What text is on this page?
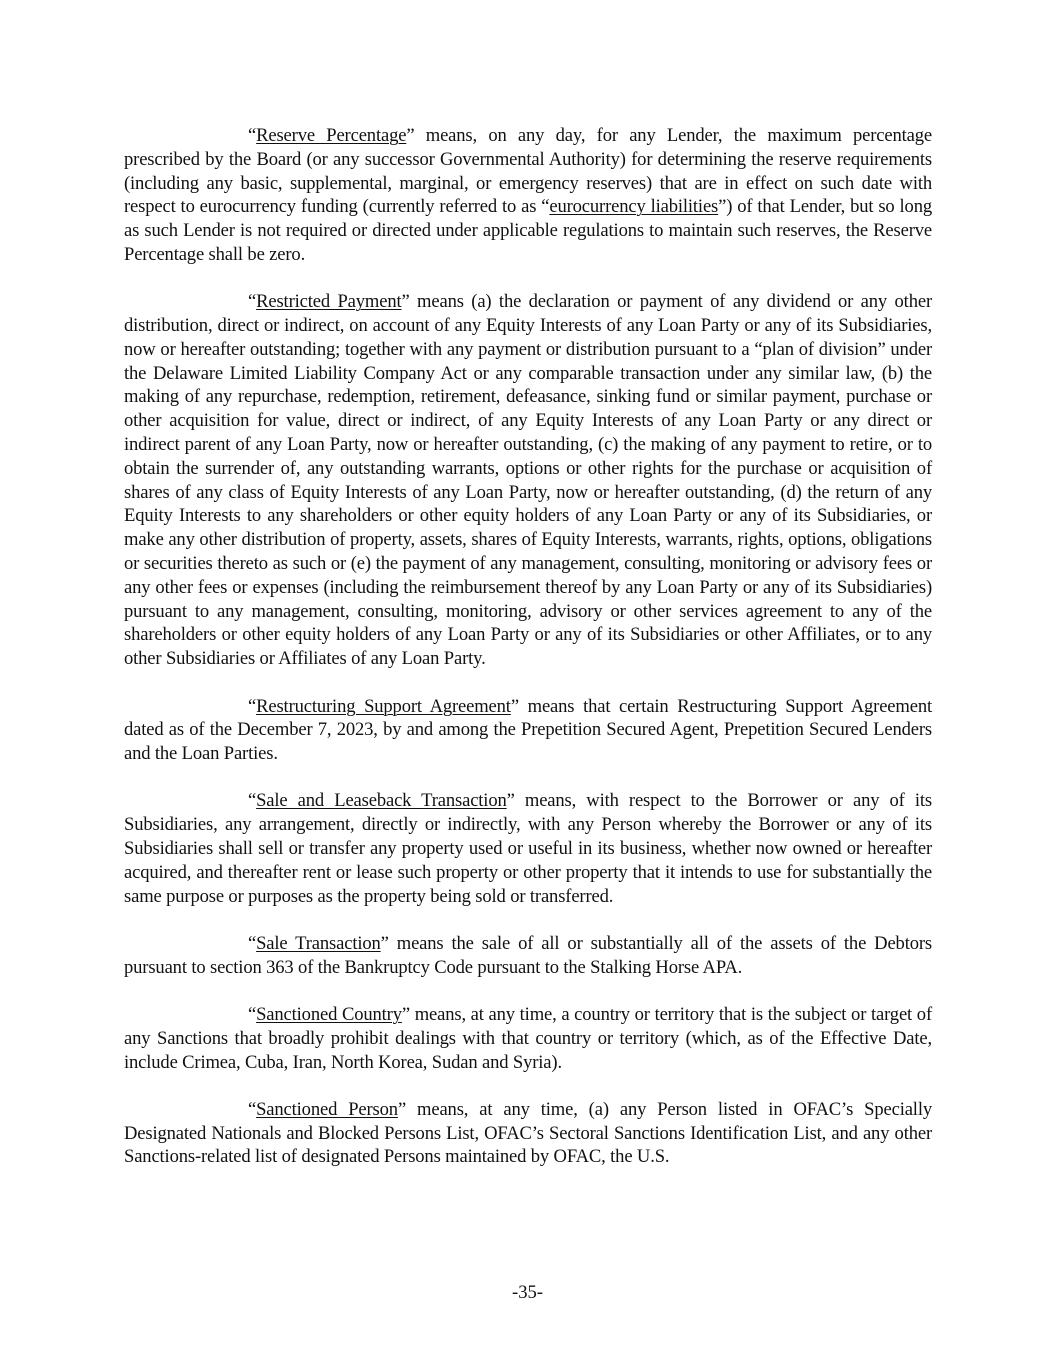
“Reserve Percentage” means, on any day, for any Lender, the maximum percentage prescribed by the Board (or any successor Governmental Authority) for determining the reserve requirements (including any basic, supplemental, marginal, or emergency reserves) that are in effect on such date with respect to eurocurrency funding (currently referred to as “eurocurrency liabilities”) of that Lender, but so long as such Lender is not required or directed under applicable regulations to maintain such reserves, the Reserve Percentage shall be zero.

“Restricted Payment” means (a) the declaration or payment of any dividend or any other distribution, direct or indirect, on account of any Equity Interests of any Loan Party or any of its Subsidiaries, now or hereafter outstanding; together with any payment or distribution pursuant to a “plan of division” under the Delaware Limited Liability Company Act or any comparable transaction under any similar law, (b) the making of any repurchase, redemption, retirement, defeasance, sinking fund or similar payment, purchase or other acquisition for value, direct or indirect, of any Equity Interests of any Loan Party or any direct or indirect parent of any Loan Party, now or hereafter outstanding, (c) the making of any payment to retire, or to obtain the surrender of, any outstanding warrants, options or other rights for the purchase or acquisition of shares of any class of Equity Interests of any Loan Party, now or hereafter outstanding, (d) the return of any Equity Interests to any shareholders or other equity holders of any Loan Party or any of its Subsidiaries, or make any other distribution of property, assets, shares of Equity Interests, warrants, rights, options, obligations or securities thereto as such or (e) the payment of any management, consulting, monitoring or advisory fees or any other fees or expenses (including the reimbursement thereof by any Loan Party or any of its Subsidiaries) pursuant to any management, consulting, monitoring, advisory or other services agreement to any of the shareholders or other equity holders of any Loan Party or any of its Subsidiaries or other Affiliates, or to any other Subsidiaries or Affiliates of any Loan Party.

“Restructuring Support Agreement” means that certain Restructuring Support Agreement dated as of the December 7, 2023, by and among the Prepetition Secured Agent, Prepetition Secured Lenders and the Loan Parties.

“Sale and Leaseback Transaction” means, with respect to the Borrower or any of its Subsidiaries, any arrangement, directly or indirectly, with any Person whereby the Borrower or any of its Subsidiaries shall sell or transfer any property used or useful in its business, whether now owned or hereafter acquired, and thereafter rent or lease such property or other property that it intends to use for substantially the same purpose or purposes as the property being sold or transferred.

“Sale Transaction” means the sale of all or substantially all of the assets of the Debtors pursuant to section 363 of the Bankruptcy Code pursuant to the Stalking Horse APA.

“Sanctioned Country” means, at any time, a country or territory that is the subject or target of any Sanctions that broadly prohibit dealings with that country or territory (which, as of the Effective Date, include Crimea, Cuba, Iran, North Korea, Sudan and Syria).

“Sanctioned Person” means, at any time, (a) any Person listed in OFAC’s Specially Designated Nationals and Blocked Persons List, OFAC’s Sectoral Sanctions Identification List, and any other Sanctions-related list of designated Persons maintained by OFAC, the U.S.

-35-
